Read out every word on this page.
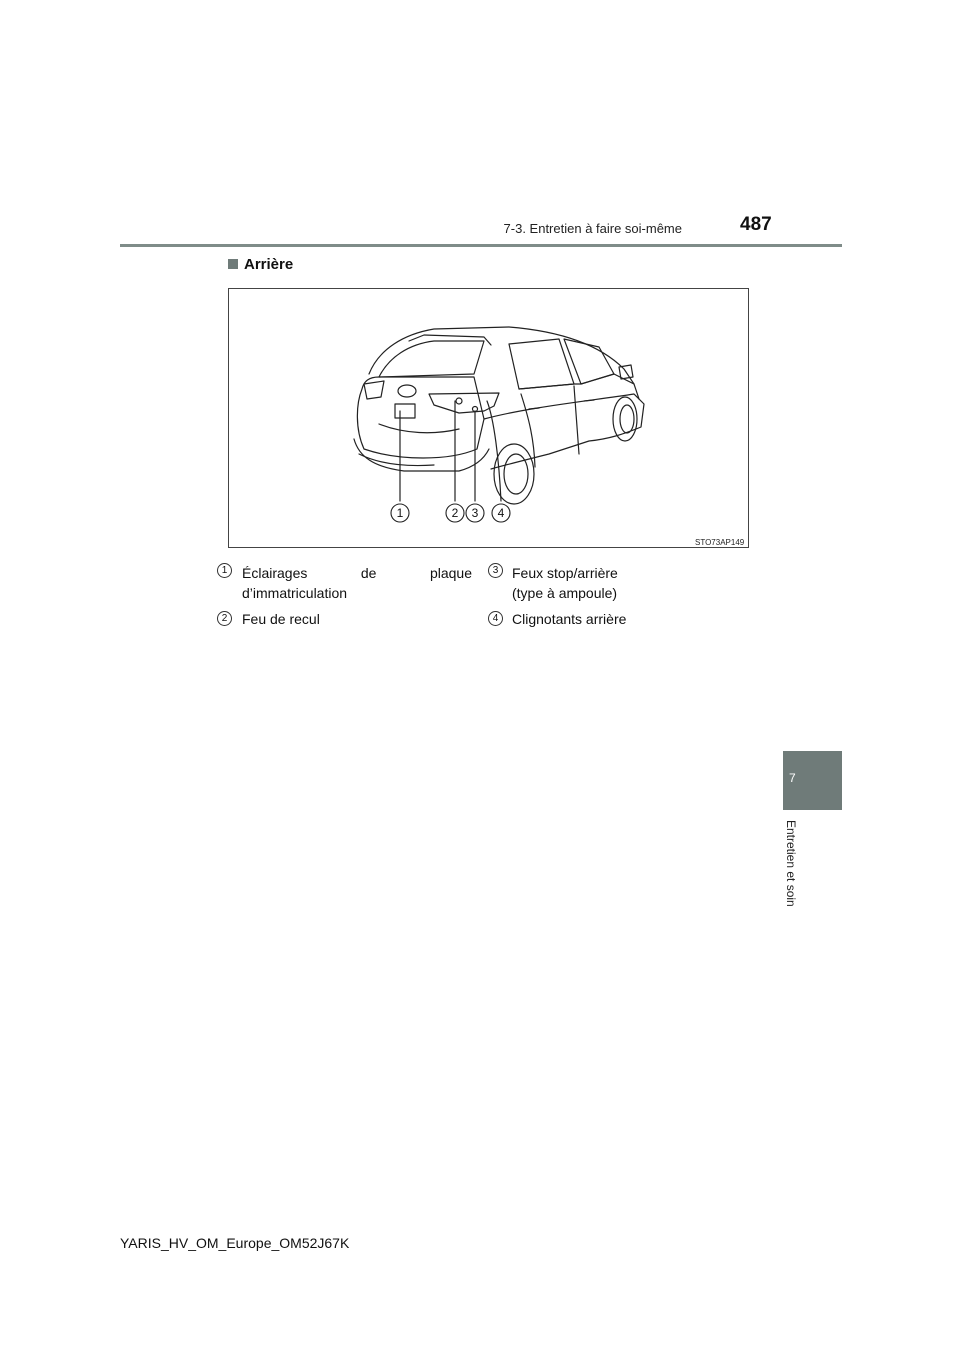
7-3. Entretien à faire soi-même	487
Arrière
1	2 3 4
STO73AP149
1	Éclairages	de	plaque
d’immatriculation
2	Feu de recul
3 Feux stop/arrière
(type à ampoule)
4 Clignotants arrière
7
Entretien et soin
YARIS_HV_OM_Europe_OM52J67K
